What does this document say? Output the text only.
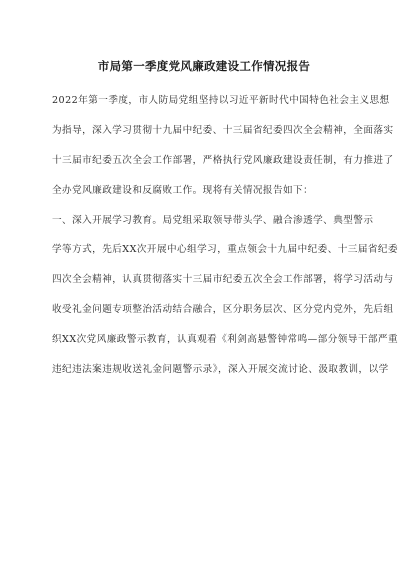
市局第一季度党风廉政建设工作情况报告
2022年第一季度，市人防局党组坚持以习近平新时代中国特色社会主义思想
为指导，深入学习贯彻十九届中纪委、十三届省纪委四次全会精神，全面落实
十三届市纪委五次全会工作部署，严格执行党风廉政建设责任制，有力推进了
全办党风廉政建设和反腐败工作。现将有关情况报告如下：
一、深入开展学习教育。局党组采取领导带头学、融合渗透学、典型警示
学等方式，先后XX次开展中心组学习，重点领会十九届中纪委、十三届省纪委
四次全会精神，认真贯彻落实十三届市纪委五次全会工作部署，将学习活动与
收受礼金问题专项整治活动结合融合，区分职务层次、区分党内党外，先后组
织XX次党风廉政警示教育，认真观看《利剑高悬警钟常鸣—部分领导干部严重
违纪违法案违规收送礼金问题警示录》，深入开展交流讨论、汲取教训，以学
